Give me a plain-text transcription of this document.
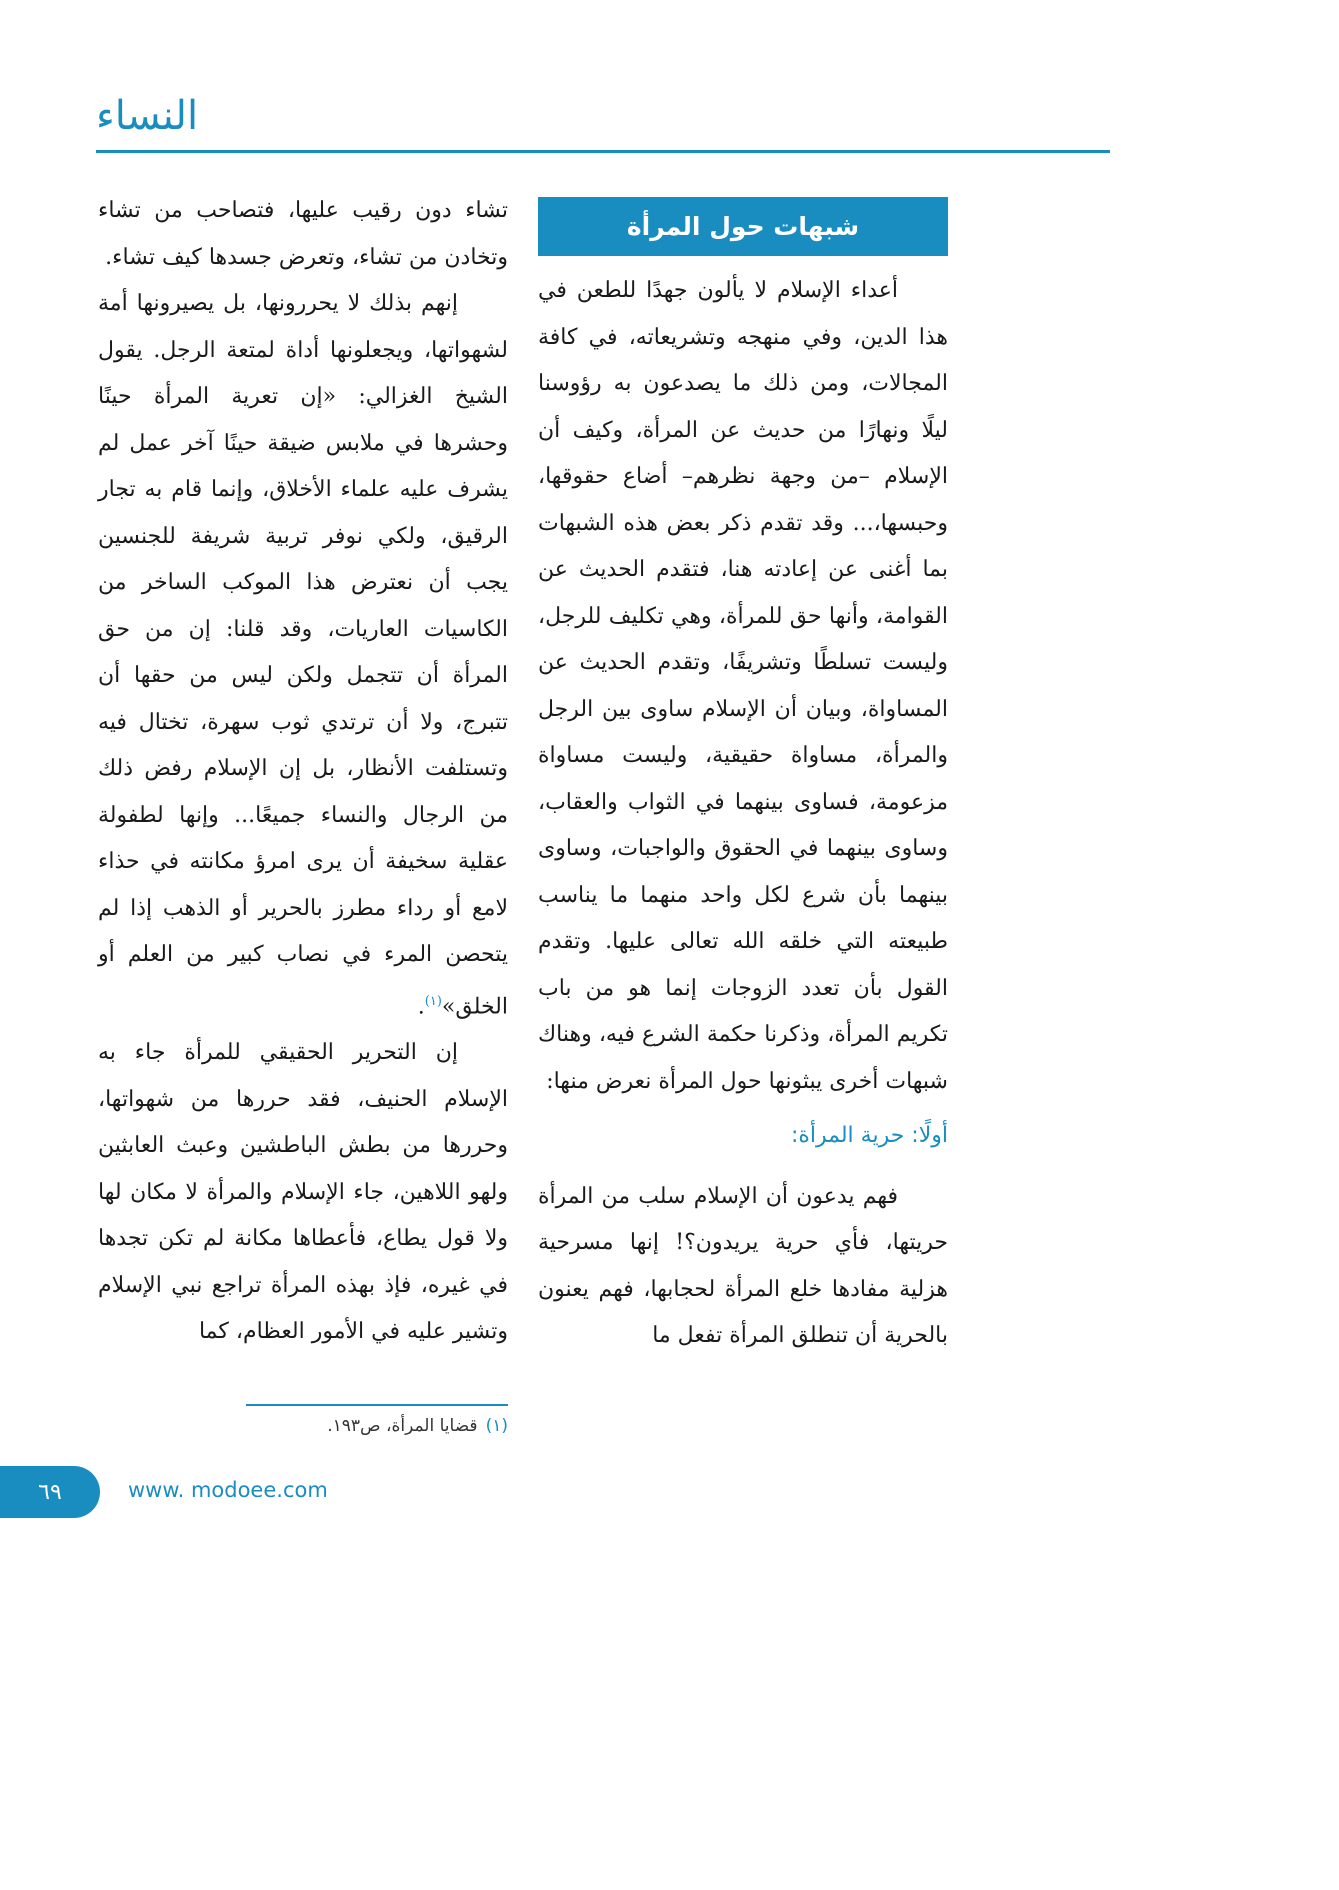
النساء
شبهات حول المرأة

أعداء الإسلام لا يألون جهدًا للطعن في هذا الدين، وفي منهجه وتشريعاته، في كافة المجالات، ومن ذلك ما يصدعون به رؤوسنا ليلًا ونهارًا من حديث عن المرأة، وكيف أن الإسلام –من وجهة نظرهم– أضاع حقوقها، وحبسها،... وقد تقدم ذكر بعض هذه الشبهات بما أغنى عن إعادته هنا، فتقدم الحديث عن القوامة، وأنها حق للمرأة، وهي تكليف للرجل، وليست تسلطًا وتشريفًا، وتقدم الحديث عن المساواة، وبيان أن الإسلام ساوى بين الرجل والمرأة، مساواة حقيقية، وليست مساواة مزعومة، فساوى بينهما في الثواب والعقاب، وساوى بينهما في الحقوق والواجبات، وساوى بينهما بأن شرع لكل واحد منهما ما يناسب طبيعته التي خلقه الله تعالى عليها. وتقدم القول بأن تعدد الزوجات إنما هو من باب تكريم المرأة، وذكرنا حكمة الشرع فيه، وهناك شبهات أخرى يبثونها حول المرأة نعرض منها:

أولًا: حرية المرأة:

فهم يدعون أن الإسلام سلب من المرأة حريتها، فأي حرية يريدون؟! إنها مسرحية هزلية مفادها خلع المرأة لحجابها، فهم يعنون بالحرية أن تنطلق المرأة تفعل ما

تشاء دون رقيب عليها، فتصاحب من تشاء وتخادن من تشاء، وتعرض جسدها كيف تشاء.

إنهم بذلك لا يحررونها، بل يصيرونها أمة لشهواتها، ويجعلونها أداة لمتعة الرجل. يقول الشيخ الغزالي: «إن تعرية المرأة حينًا وحشرها في ملابس ضيقة حينًا آخر عمل لم يشرف عليه علماء الأخلاق، وإنما قام به تجار الرقيق، ولكي نوفر تربية شريفة للجنسين يجب أن نعترض هذا الموكب الساخر من الكاسيات العاريات، وقد قلنا: إن من حق المرأة أن تتجمل ولكن ليس من حقها أن تتبرج، ولا أن ترتدي ثوب سهرة، تختال فيه وتستلفت الأنظار، بل إن الإسلام رفض ذلك من الرجال والنساء جميعًا... وإنها لطفولة عقلية سخيفة أن يرى امرؤ مكانته في حذاء لامع أو رداء مطرز بالحرير أو الذهب إذا لم يتحصن المرء في نصاب كبير من العلم أو الخلق»$^{(١)}$.

إن التحرير الحقيقي للمرأة جاء به الإسلام الحنيف، فقد حررها من شهواتها، وحررها من بطش الباطشين وعبث العابثين ولهو اللاهين، جاء الإسلام والمرأة لا مكان لها ولا قول يطاع، فأعطاها مكانة لم تكن تجدها في غيره، فإذ بهذه المرأة تراجع نبي الإسلام وتشير عليه في الأمور العظام، كما

(١)قضايا المرأة، ص١٩٣.
٦٩	www. modoee.com
